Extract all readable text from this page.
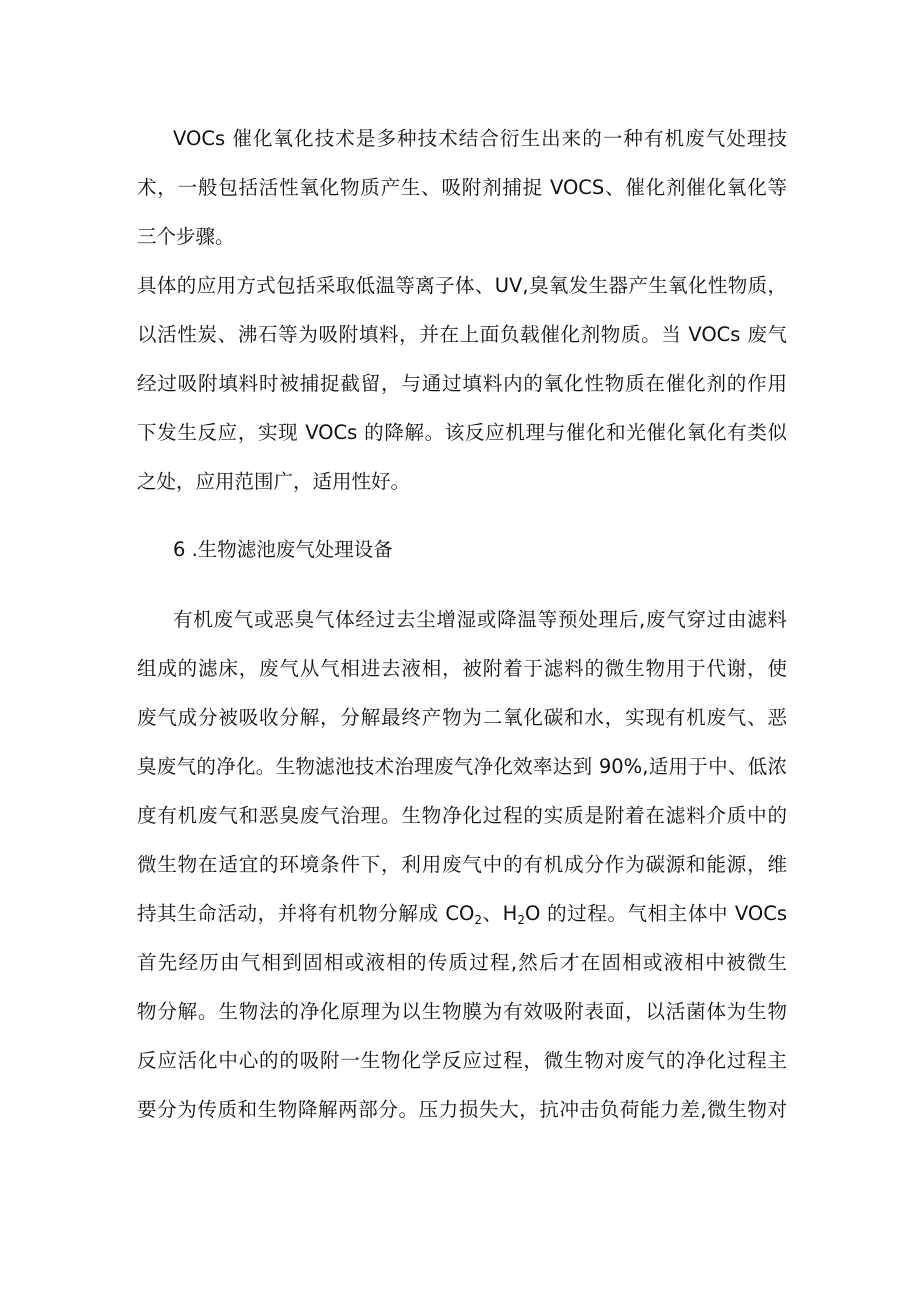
VOCs 催化氧化技术是多种技术结合衍生出来的一种有机废气处理技
术，一般包括活性氧化物质产生、吸附剂捕捉 VOCS、催化剂催化氧化等
三个步骤。
具体的应用方式包括采取低温等离子体、UV,臭氧发生器产生氧化性物质，
以活性炭、沸石等为吸附填料，并在上面负载催化剂物质。当 VOCs 废气
经过吸附填料时被捕捉截留，与通过填料内的氧化性物质在催化剂的作用
下发生反应，实现 VOCs 的降解。该反应机理与催化和光催化氧化有类似
之处，应用范围广，适用性好。
6 .生物滤池废气处理设备
有机废气或恶臭气体经过去尘增湿或降温等预处理后,废气穿过由滤料
组成的滤床，废气从气相进去液相，被附着于滤料的微生物用于代谢，使
废气成分被吸收分解，分解最终产物为二氧化碳和水，实现有机废气、恶
臭废气的净化。生物滤池技术治理废气净化效率达到 90%,适用于中、低浓
度有机废气和恶臭废气治理。生物净化过程的实质是附着在滤料介质中的
微生物在适宜的环境条件下，利用废气中的有机成分作为碳源和能源，维
持其生命活动，并将有机物分解成 $CO_2$、$H_2O$ 的过程。气相主体中 VOCs
首先经历由气相到固相或液相的传质过程,然后才在固相或液相中被微生
物分解。生物法的净化原理为以生物膜为有效吸附表面，以活菌体为生物
反应活化中心的的吸附一生物化学反应过程，微生物对废气的净化过程主
要分为传质和生物降解两部分。压力损失大，抗冲击负荷能力差,微生物对
